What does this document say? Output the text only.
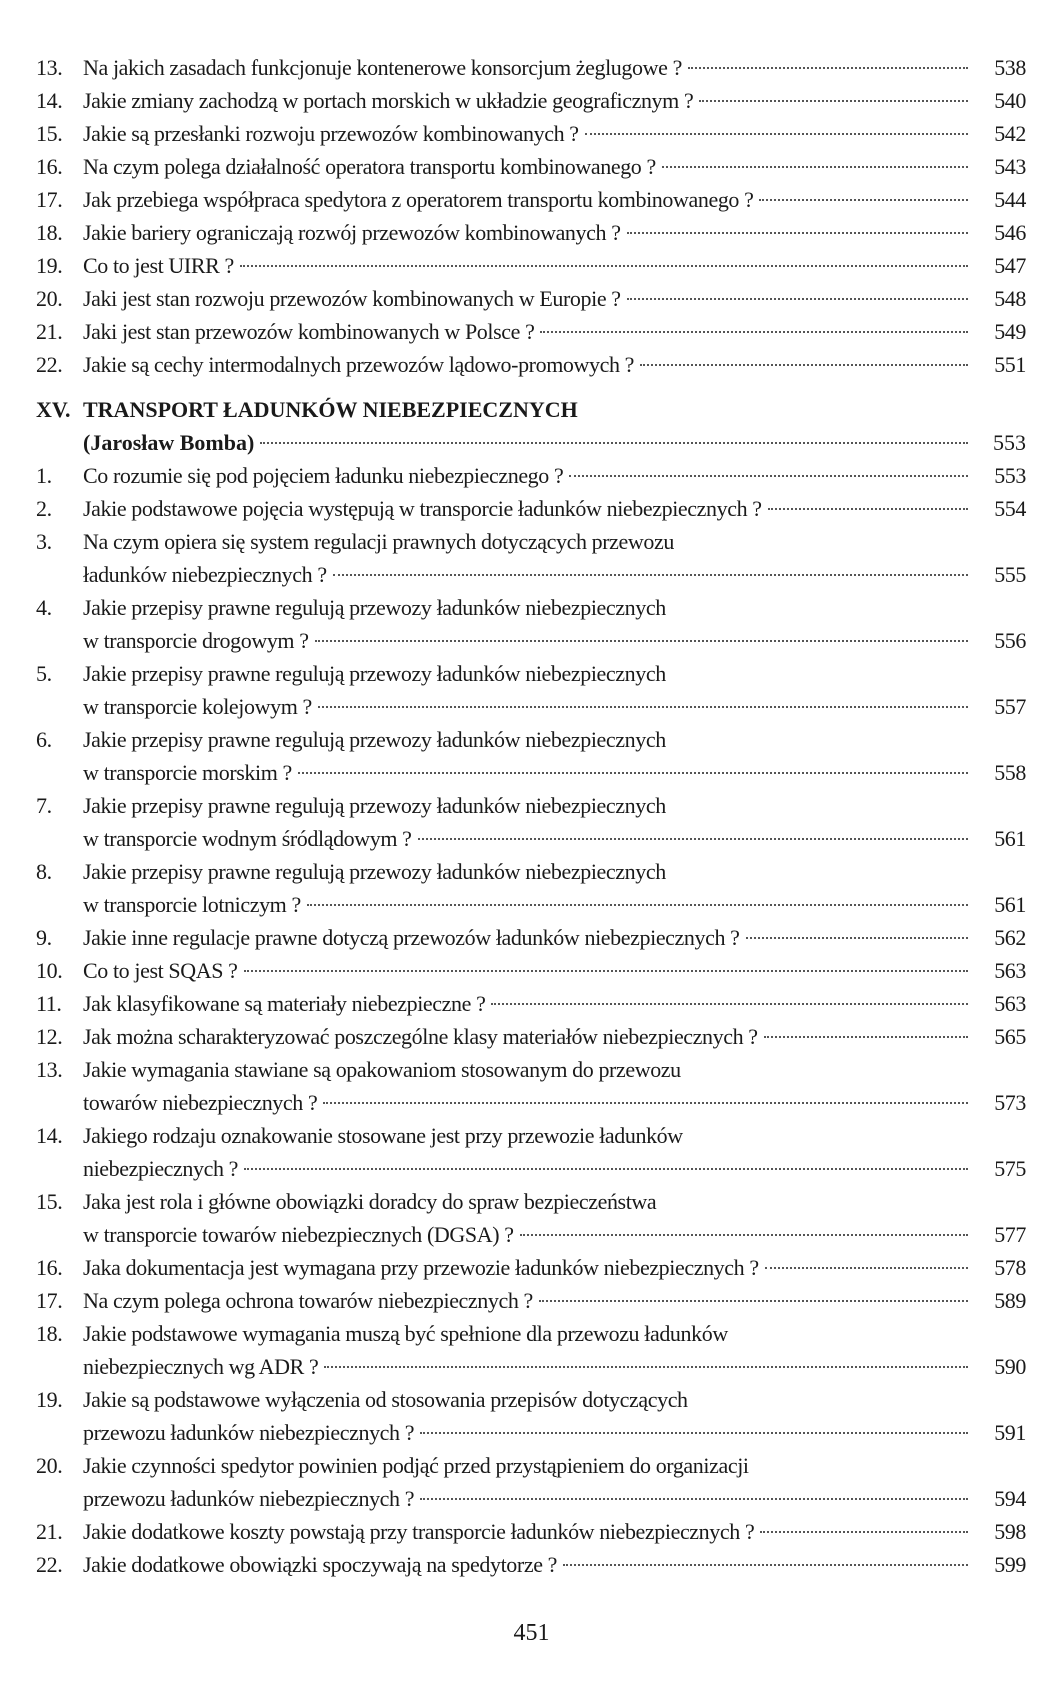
13. Na jakich zasadach funkcjonuje kontenerowe konsorcjum żeglugowe ?	538
14. Jakie zmiany zachodzą w portach morskich w układzie geograficznym ?	540
15. Jakie są przesłanki rozwoju przewozów kombinowanych ?	542
16. Na czym polega działalność operatora transportu kombinowanego ?	543
17. Jak przebiega współpraca spedytora z operatorem transportu kombinowanego ?	544
18. Jakie bariery ograniczają rozwój przewozów kombinowanych ?	546
19. Co to jest UIRR ?	547
20. Jaki jest stan rozwoju przewozów kombinowanych w Europie ?	548
21. Jaki jest stan przewozów kombinowanych w Polsce ?	549
22. Jakie są cechy intermodalnych przewozów lądowo-promowych ?	551
XV. TRANSPORT ŁADUNKÓW NIEBEZPIECZNYCH
(Jarosław Bomba)	553
1.	Co rozumie się pod pojęciem ładunku niebezpiecznego ?	553
2.	Jakie podstawowe pojęcia występują w transporcie ładunków niebezpiecznych ?	554
3.	Na czym opiera się system regulacji prawnych dotyczących przewozu
ładunków niebezpiecznych ?	555
4.	Jakie przepisy prawne regulują przewozy ładunków niebezpiecznych
w transporcie drogowym ?	556
5.	Jakie przepisy prawne regulują przewozy ładunków niebezpiecznych
w transporcie kolejowym ?	557
6.	Jakie przepisy prawne regulują przewozy ładunków niebezpiecznych
w transporcie morskim ?	558
7.	Jakie przepisy prawne regulują przewozy ładunków niebezpiecznych
w transporcie wodnym śródlądowym ?	561
8.	Jakie przepisy prawne regulują przewozy ładunków niebezpiecznych
w transporcie lotniczym ?	561
9.	Jakie inne regulacje prawne dotyczą przewozów ładunków niebezpiecznych ?	562
10. Co to jest SQAS ?	563
11. Jak klasyfikowane są materiały niebezpieczne ?	563
12. Jak można scharakteryzować poszczególne klasy materiałów niebezpiecznych ?	565
13. Jakie wymagania stawiane są opakowaniom stosowanym do przewozu
towarów niebezpiecznych ?	573
14. Jakiego rodzaju oznakowanie stosowane jest przy przewozie ładunków
niebezpiecznych ?	575
15. Jaka jest rola i główne obowiązki doradcy do spraw bezpieczeństwa
w transporcie towarów niebezpiecznych (DGSA) ?	577
16. Jaka dokumentacja jest wymagana przy przewozie ładunków niebezpiecznych ?	578
17. Na czym polega ochrona towarów niebezpiecznych ?	589
18. Jakie podstawowe wymagania muszą być spełnione dla przewozu ładunków
niebezpiecznych wg ADR ?	590
19. Jakie są podstawowe wyłączenia od stosowania przepisów dotyczących
przewozu ładunków niebezpiecznych ?	591
20. Jakie czynności spedytor powinien podjąć przed przystąpieniem do organizacji
przewozu ładunków niebezpiecznych ?	594
21. Jakie dodatkowe koszty powstają przy transporcie ładunków niebezpiecznych ?	598
22. Jakie dodatkowe obowiązki spoczywają na spedytorze ?	599
451
